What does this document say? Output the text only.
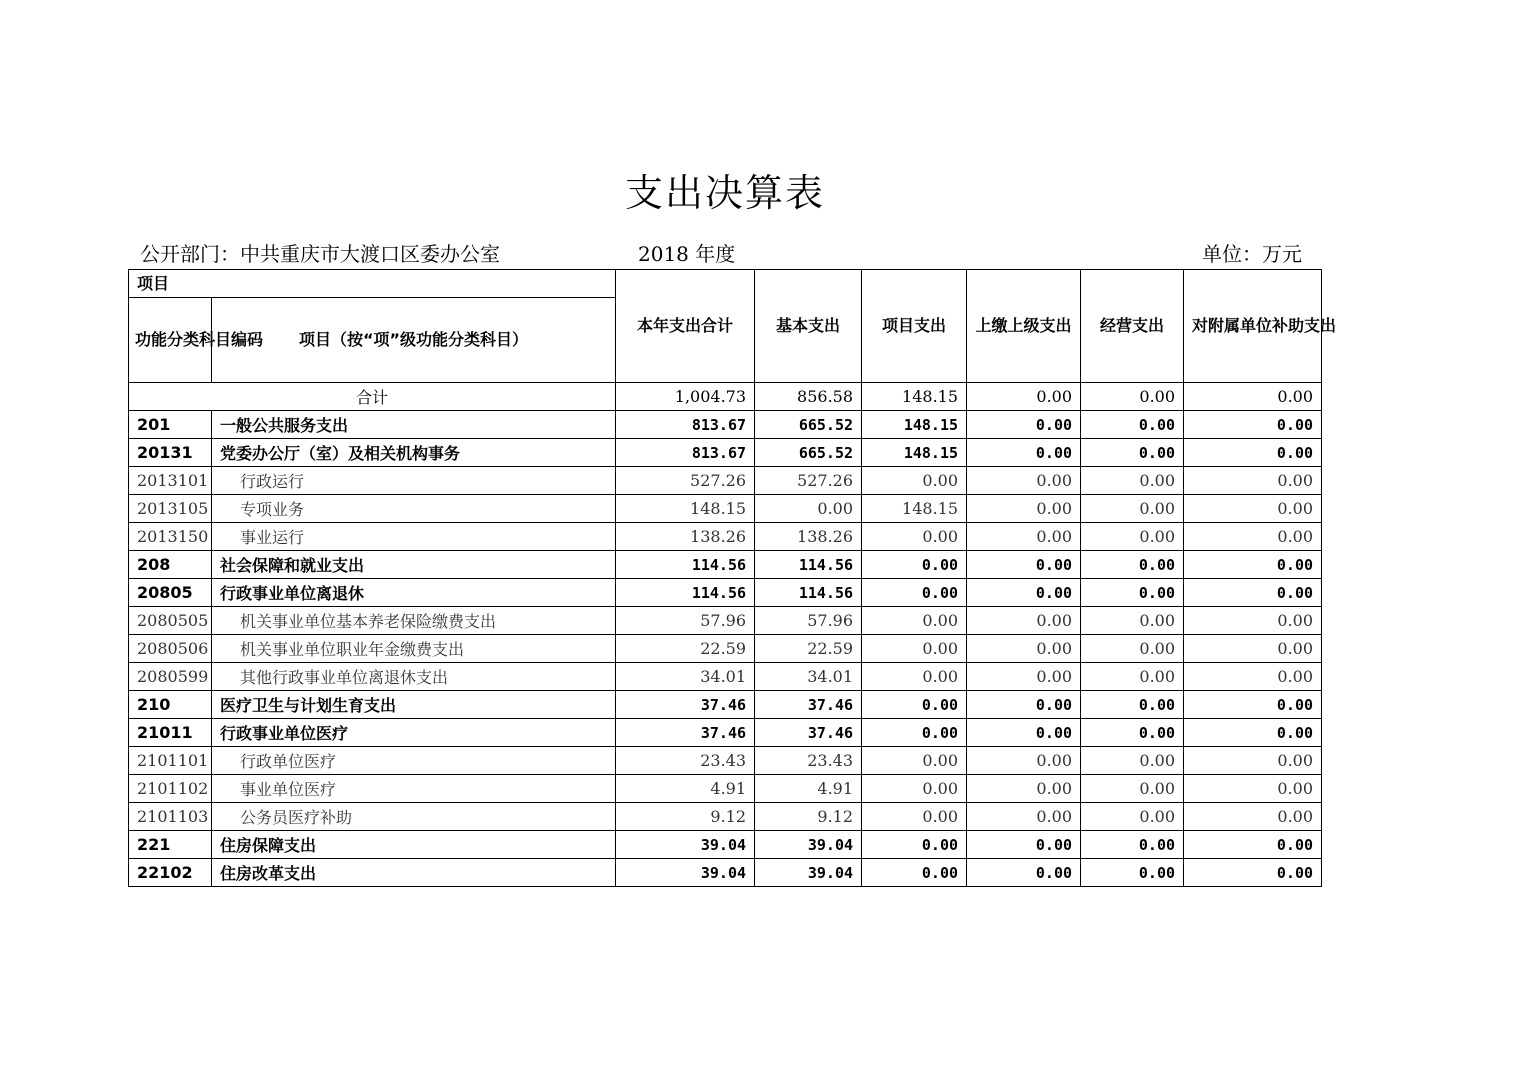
支出决算表
公开部门：中共重庆市大渡口区委办公室	2018 年度	单位：万元
项目		本年支出合计	基本支出	项目支出	上缴上级支出	经营支出	对附属单位补助支出
功能分类科目编码	项目（按“项”级功能分类科目）						
合计		1,004.73	856.58	148.15	0.00	0.00	0.00
201	一般公共服务支出	813.67	665.52	148.15	0.00	0.00	0.00
20131	党委办公厅（室）及相关机构事务	813.67	665.52	148.15	0.00	0.00	0.00
2013101	行政运行	527.26	527.26	0.00	0.00	0.00	0.00
2013105	专项业务	148.15	0.00	148.15	0.00	0.00	0.00
2013150	事业运行	138.26	138.26	0.00	0.00	0.00	0.00
208	社会保障和就业支出	114.56	114.56	0.00	0.00	0.00	0.00
20805	行政事业单位离退休	114.56	114.56	0.00	0.00	0.00	0.00
2080505	机关事业单位基本养老保险缴费支出	57.96	57.96	0.00	0.00	0.00	0.00
2080506	机关事业单位职业年金缴费支出	22.59	22.59	0.00	0.00	0.00	0.00
2080599	其他行政事业单位离退休支出	34.01	34.01	0.00	0.00	0.00	0.00
210	医疗卫生与计划生育支出	37.46	37.46	0.00	0.00	0.00	0.00
21011	行政事业单位医疗	37.46	37.46	0.00	0.00	0.00	0.00
2101101	行政单位医疗	23.43	23.43	0.00	0.00	0.00	0.00
2101102	事业单位医疗	4.91	4.91	0.00	0.00	0.00	0.00
2101103	公务员医疗补助	9.12	9.12	0.00	0.00	0.00	0.00
221	住房保障支出	39.04	39.04	0.00	0.00	0.00	0.00
22102	住房改革支出	39.04	39.04	0.00	0.00	0.00	0.00
